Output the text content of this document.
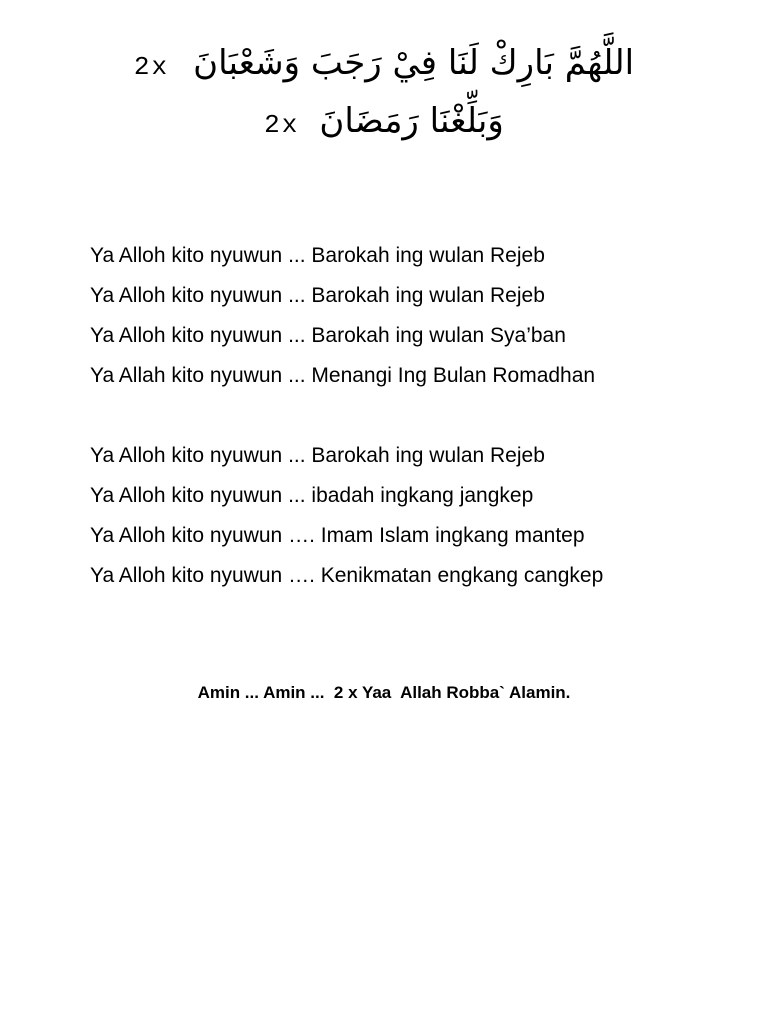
2x اللَّهُمَّ بَارِكْ لَنَا فِيْ رَجَبَ وَشَعْبَانَ
2x وَبَلِّغْنَا رَمَضَانَ
Ya Alloh kito nyuwun ... Barokah ing wulan Rejeb
Ya Alloh kito nyuwun ... Barokah ing wulan Rejeb
Ya Alloh kito nyuwun ... Barokah ing wulan Sya’ban
Ya Allah kito nyuwun ... Menangi Ing Bulan Romadhan
Ya Alloh kito nyuwun ... Barokah ing wulan Rejeb
Ya Alloh kito nyuwun ... ibadah ingkang jangkep
Ya Alloh kito nyuwun …. Imam Islam ingkang mantep
Ya Alloh kito nyuwun …. Kenikmatan engkang cangkep
Amin ... Amin ...  2 x Yaa  Allah Robba` Alamin.
